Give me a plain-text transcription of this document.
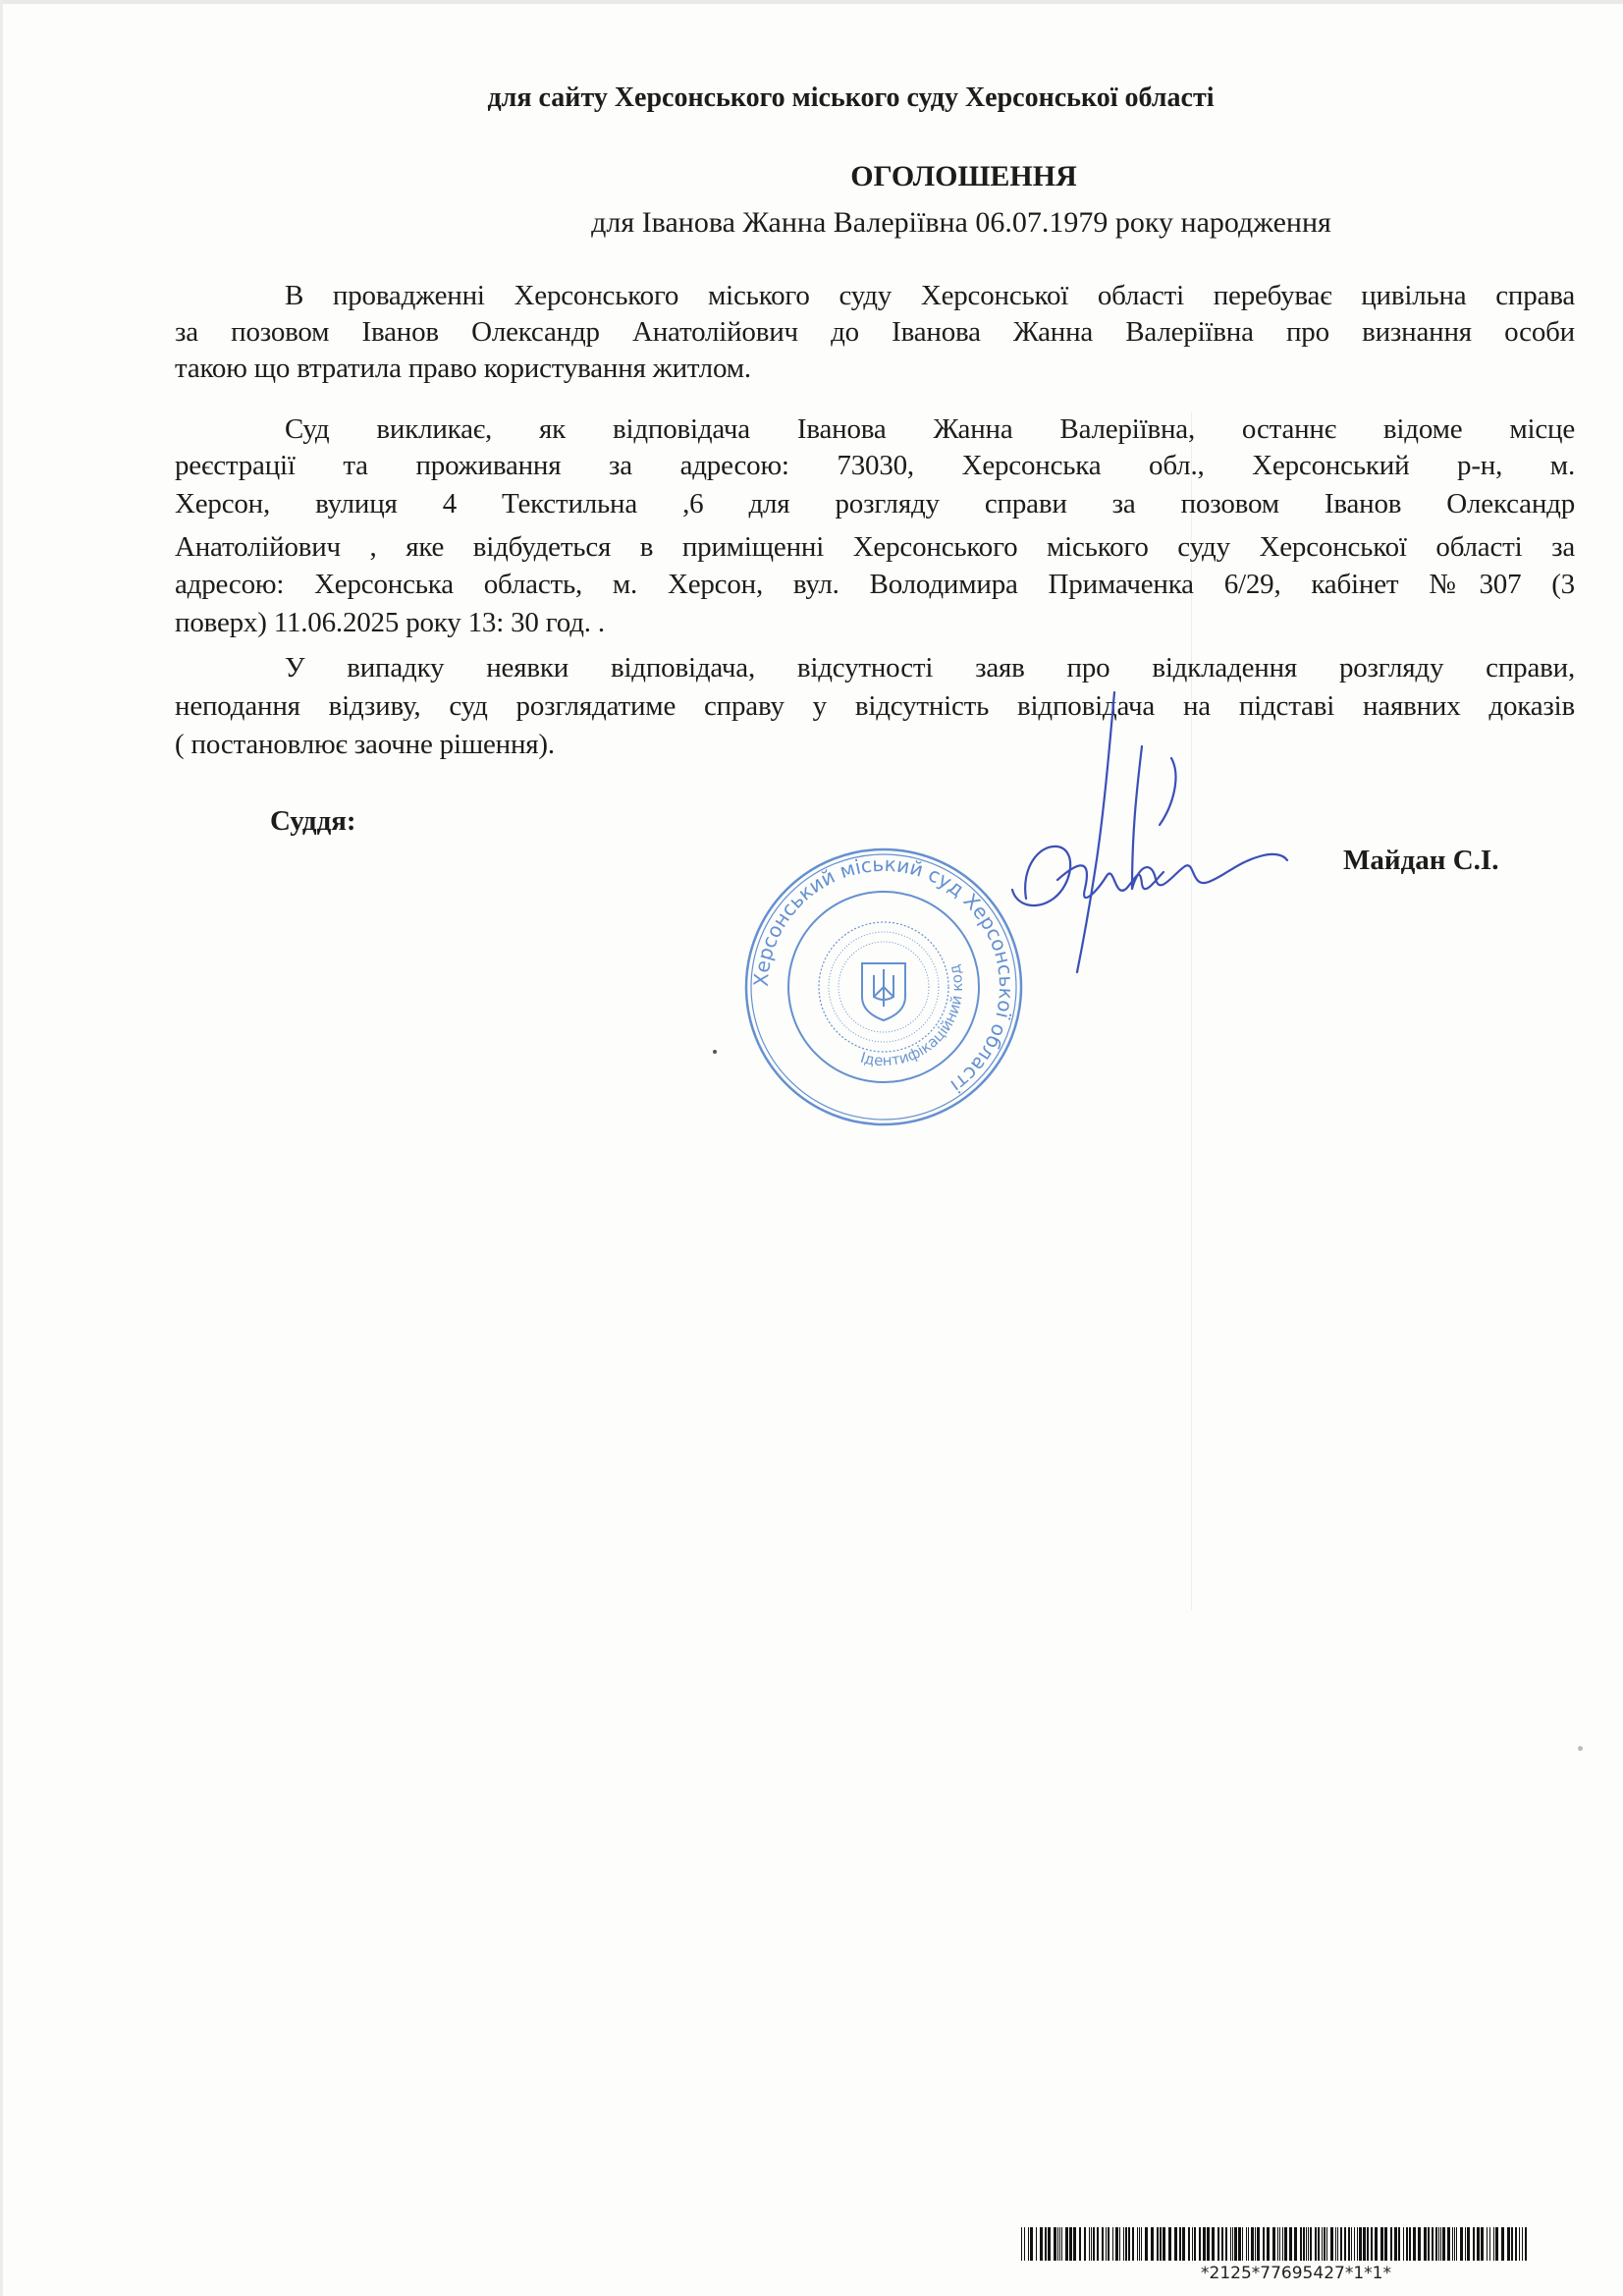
для сайту Херсонського міського суду Херсонської області
ОГОЛОШЕННЯ
для Іванова Жанна Валеріївна 06.07.1979 року народження
В провадженні Херсонського міського суду Херсонської області перебуває цивільна справа
за позовом Іванов Олександр Анатолійович до Іванова Жанна Валеріївна про визнання особи
такою що втратила право користування житлом.
Суд викликає, як відповідача Іванова Жанна Валеріївна, останнє відоме місце
реєстрації та проживання за адресою: 73030, Херсонська обл., Херсонський р-н, м.
Херсон, вулиця 4 Текстильна ,6 для розгляду справи за позовом Іванов Олександр
Анатолійович , яке відбудеться в приміщенні Херсонського міського суду Херсонської області за
адресою: Херсонська область, м. Херсон, вул. Володимира Примаченка 6/29, кабінет №307 (3
поверх) 11.06.2025 року 13: 30 год. .
У випадку неявки відповідача, відсутності заяв про відкладення розгляду справи,
неподання відзиву, суд розглядатиме справу у відсутність відповідача на підставі наявних доказів
( постановлює заочне рішення).
Суддя:
Майдан С.І.
Херсонський міський суд Херсонської області
Ідентифікаційний код
*2125*77695427*1*1*
